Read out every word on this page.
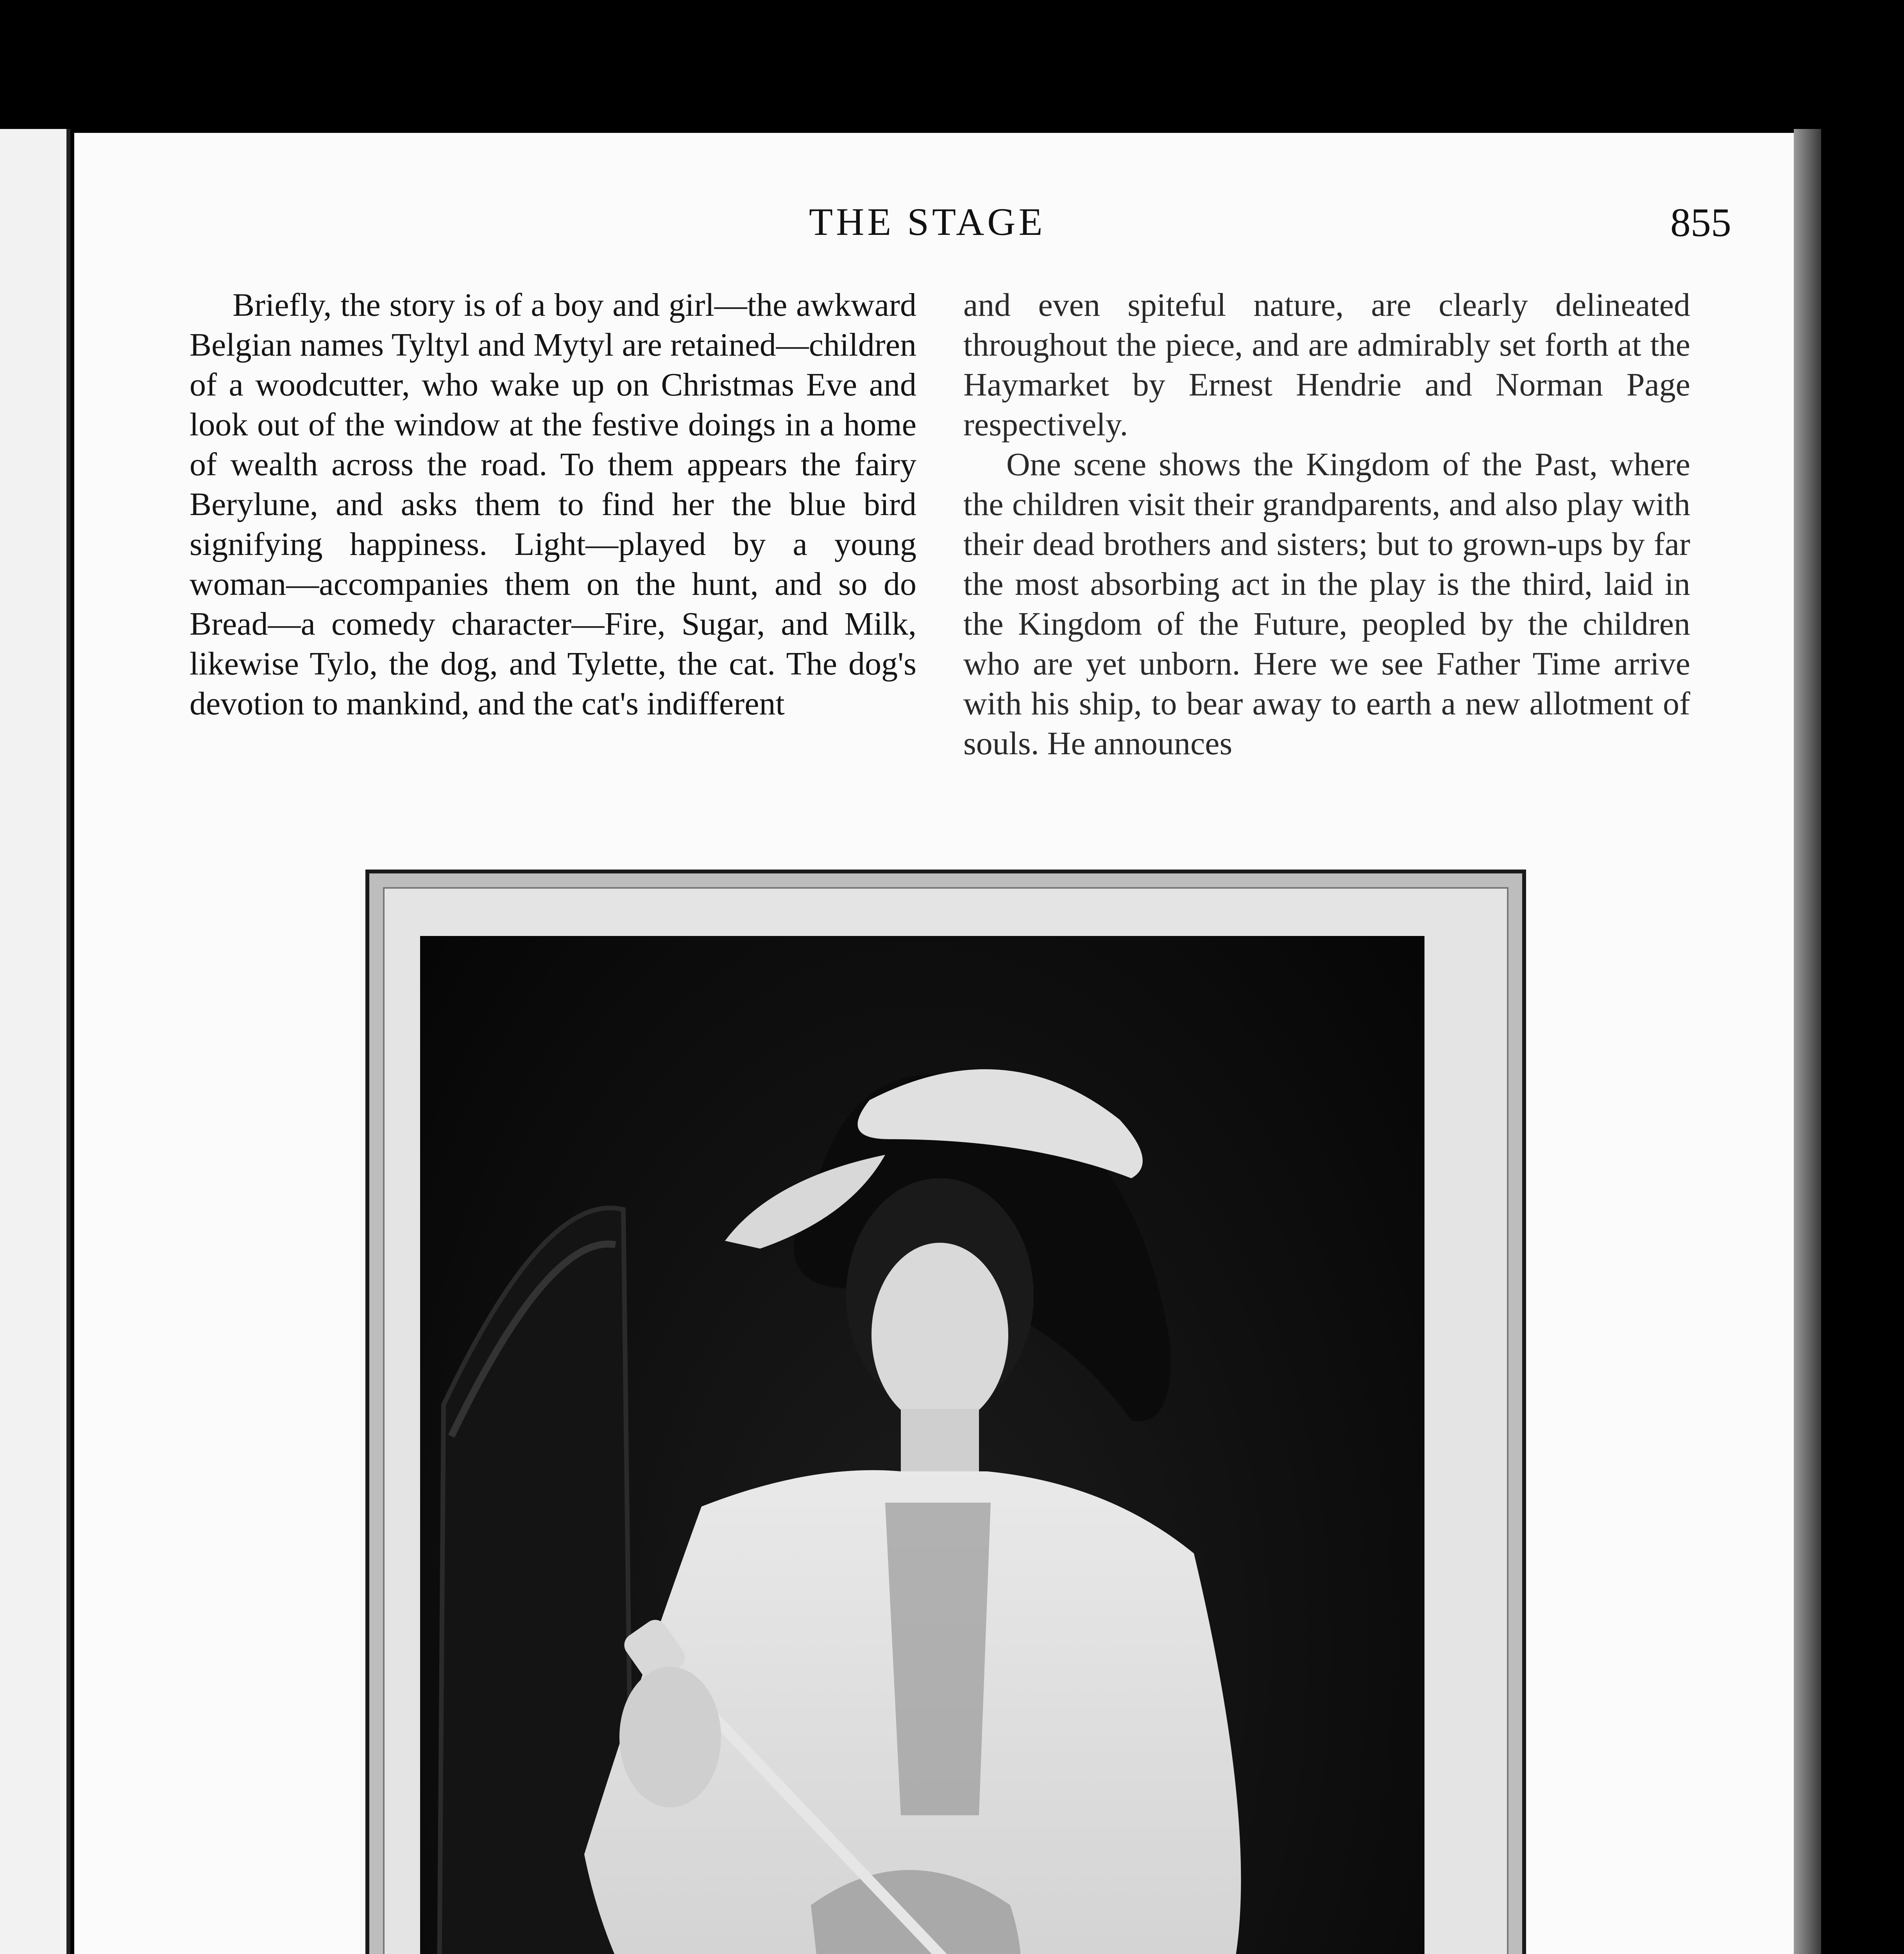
THE STAGE	855

Briefly, the story is of a boy and girl—the awkward Belgian names Tyltyl and Mytyl are retained—children of a woodcutter, who wake up on Christmas Eve and look out of the window at the festive doings in a home of wealth across the road. To them appears the fairy Berylune, and asks them to find her the blue bird signifying happiness. Light—played by a young woman—accompanies them on the hunt, and so do Bread—a comedy character—Fire, Sugar, and Milk, likewise Tylo, the dog, and Tylette, the cat. The dog's devotion to mankind, and the cat's indifferent

and even spiteful nature, are clearly delineated throughout the piece, and are admirably set forth at the Haymarket by Ernest Hendrie and Norman Page respectively.

One scene shows the Kingdom of the Past, where the children visit their grandparents, and also play with their dead brothers and sisters; but to grown-ups by far the most absorbing act in the play is the third, laid in the Kingdom of the Future, peopled by the children who are yet unborn. Here we see Father Time arrive with his ship, to bear away to earth a new allotment of souls. He announces
